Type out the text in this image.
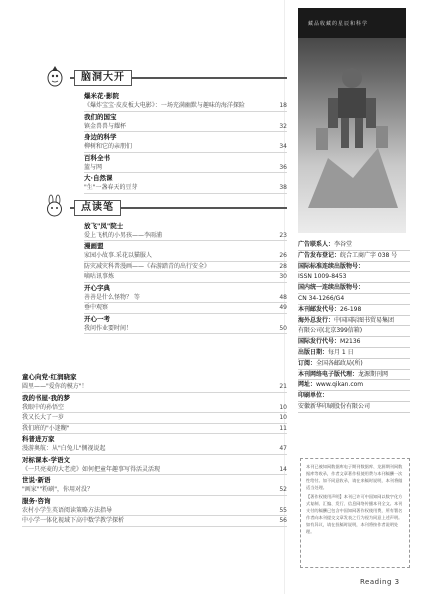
脑洞大开
爆米花·影院
《爆炸宝宝·皮皮板大电影》：一场充满幽默与趣味的海洋探险	18
我们的国宝
镇金兽兽与耀杯	32
身边的科学
柳树和它的亲朋们	34
百科全书
篮与网	36
大·自然课
"生"一盏春天的豆芽	38
点读笔
放飞"凤"院士
爱上飞机的小男孩——李雨浦	23
漫画盟
家园小故事.采花以猫服人	26
防灾减灾科普漫画——《春游踏青的出行安全》	28
嘀咕讯事炼	30
开心字典
善善是什么怪物？ 等	48
垂中观察	49
开心一考
我问作业要时间！	50
童心向党·红润晓家
圆里——"爱你的模方"！	21
我的书屋·我的梦
我眼中的孙悟空	10
我又长大了一岁	10
我们班的"小迷糊"	11
科普进万家
漫游奥航：从"白兔儿"侧视说起	47
对标课本·学语文
《一只亮麦的大老虎》如何把童年趣事写得活灵活现	14
世说·新语
"画家""粉刷"，你用对没？	52
服务·咨询
农村小学生英语阅读策略方法指导	55
中小学一体化视域下高中数学教学探析	56
藏品收藏的星辰和科学
广告联系人：李谷堂
广告发布登记：皖合工商广字 038 号
国际标准连续出版物号：
ISSN 1009-8453
国内统一连续出版物号：
CN 34-1266/G4
本刊邮发代号：26-198
海外总发行：中国国际图书贸易集团
有限公司(北京399信箱)
国际发行代号：M2136
出版日期：每月 1 日
订阅：全国各邮政局(所)
本刊网络电子版代理：龙源期刊网
网址：www.qikan.com
印刷单位：
安徽新华印刷股份有限公司

本刊已被知网数据库电子期刊数据库、龙源期刊网数据库等收录，作者文章著作权使用费与本刊稿酬一次性给付。如不同意收录，请在来稿时说明，本刊将做适当处理。

【著作权使用声明】本刊已许可中国知网以数字化方式复制、汇编、发行、信息网络传播本刊全文。本刊支付的稿酬已包含中国知网著作权使用费，所有署名作者向本刊提交文章发表之行为视为同意上述声明。如有异议，请在投稿时说明，本刊将按作者说明处理。

Reading 3
